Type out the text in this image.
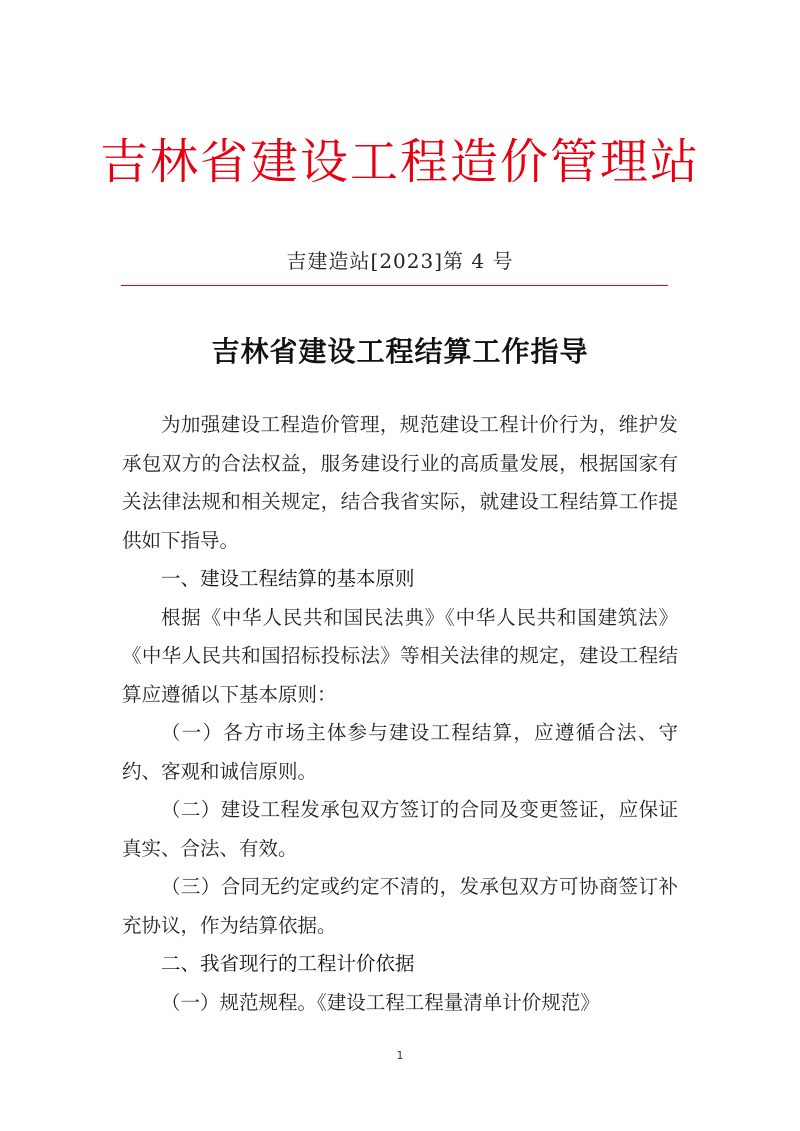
吉林省建设工程造价管理站
吉建造站[2023]第 4 号
吉林省建设工程结算工作指导

为加强建设工程造价管理，规范建设工程计价行为，维护发承包双方的合法权益，服务建设行业的高质量发展，根据国家有关法律法规和相关规定，结合我省实际，就建设工程结算工作提供如下指导。

一、建设工程结算的基本原则

根据《中华人民共和国民法典》《中华人民共和国建筑法》《中华人民共和国招标投标法》等相关法律的规定，建设工程结算应遵循以下基本原则：

（一）各方市场主体参与建设工程结算，应遵循合法、守约、客观和诚信原则。

（二）建设工程发承包双方签订的合同及变更签证，应保证真实、合法、有效。

（三）合同无约定或约定不清的，发承包双方可协商签订补充协议，作为结算依据。

二、我省现行的工程计价依据

（一）规范规程。《建设工程工程量清单计价规范》

1
